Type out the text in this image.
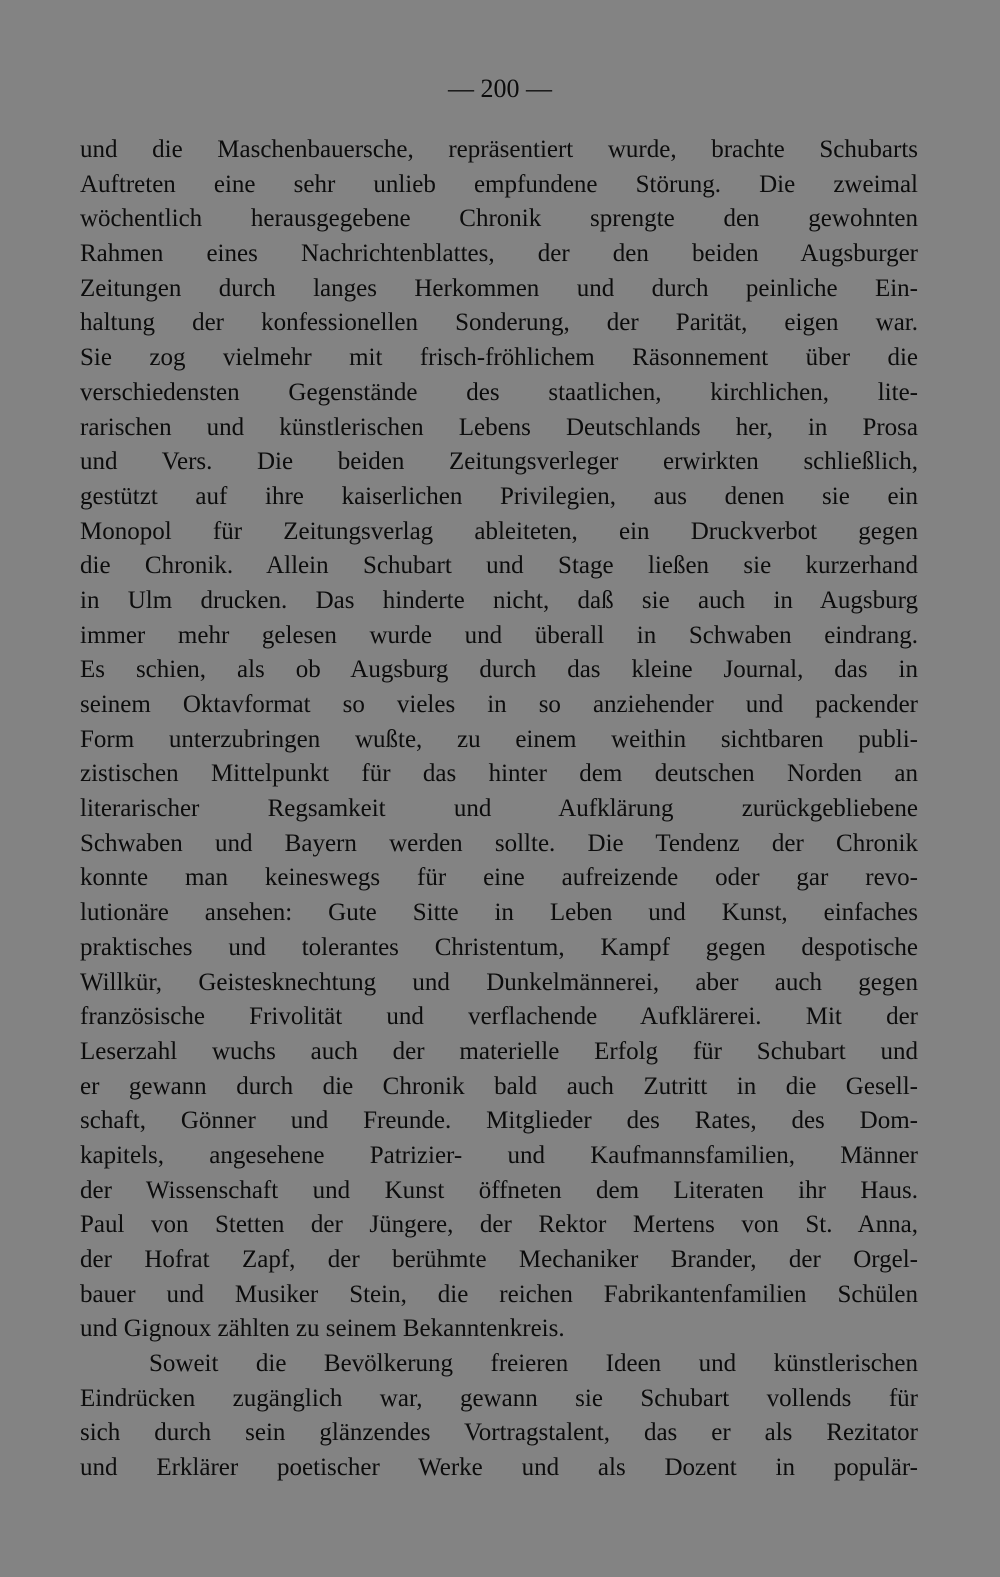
— 200 —
und die Maschenbauersche, repräsentiert wurde, brachte Schubarts
Auftreten eine sehr unlieb empfundene Störung. Die zweimal
wöchentlich herausgegebene Chronik sprengte den gewohnten
Rahmen eines Nachrichtenblattes, der den beiden Augsburger
Zeitungen durch langes Herkommen und durch peinliche Ein-
haltung der konfessionellen Sonderung, der Parität, eigen war.
Sie zog vielmehr mit frisch-fröhlichem Räsonnement über die
verschiedensten Gegenstände des staatlichen, kirchlichen, lite-
rarischen und künstlerischen Lebens Deutschlands her, in Prosa
und Vers. Die beiden Zeitungsverleger erwirkten schließlich,
gestützt auf ihre kaiserlichen Privilegien, aus denen sie ein
Monopol für Zeitungsverlag ableiteten, ein Druckverbot gegen
die Chronik. Allein Schubart und Stage ließen sie kurzerhand
in Ulm drucken. Das hinderte nicht, daß sie auch in Augsburg
immer mehr gelesen wurde und überall in Schwaben eindrang.
Es schien, als ob Augsburg durch das kleine Journal, das in
seinem Oktavformat so vieles in so anziehender und packender
Form unterzubringen wußte, zu einem weithin sichtbaren publi-
zistischen Mittelpunkt für das hinter dem deutschen Norden an
literarischer Regsamkeit und Aufklärung zurückgebliebene
Schwaben und Bayern werden sollte. Die Tendenz der Chronik
konnte man keineswegs für eine aufreizende oder gar revo-
lutionäre ansehen: Gute Sitte in Leben und Kunst, einfaches
praktisches und tolerantes Christentum, Kampf gegen despotische
Willkür, Geistesknechtung und Dunkelmännerei, aber auch gegen
französische Frivolität und verflachende Aufklärerei. Mit der
Leserzahl wuchs auch der materielle Erfolg für Schubart und
er gewann durch die Chronik bald auch Zutritt in die Gesell-
schaft, Gönner und Freunde. Mitglieder des Rates, des Dom-
kapitels, angesehene Patrizier- und Kaufmannsfamilien, Männer
der Wissenschaft und Kunst öffneten dem Literaten ihr Haus.
Paul von Stetten der Jüngere, der Rektor Mertens von St. Anna,
der Hofrat Zapf, der berühmte Mechaniker Brander, der Orgel-
bauer und Musiker Stein, die reichen Fabrikantenfamilien Schülen
und Gignoux zählten zu seinem Bekanntenkreis.
Soweit die Bevölkerung freieren Ideen und künstlerischen
Eindrücken zugänglich war, gewann sie Schubart vollends für
sich durch sein glänzendes Vortragstalent, das er als Rezitator
und Erklärer poetischer Werke und als Dozent in populär-
